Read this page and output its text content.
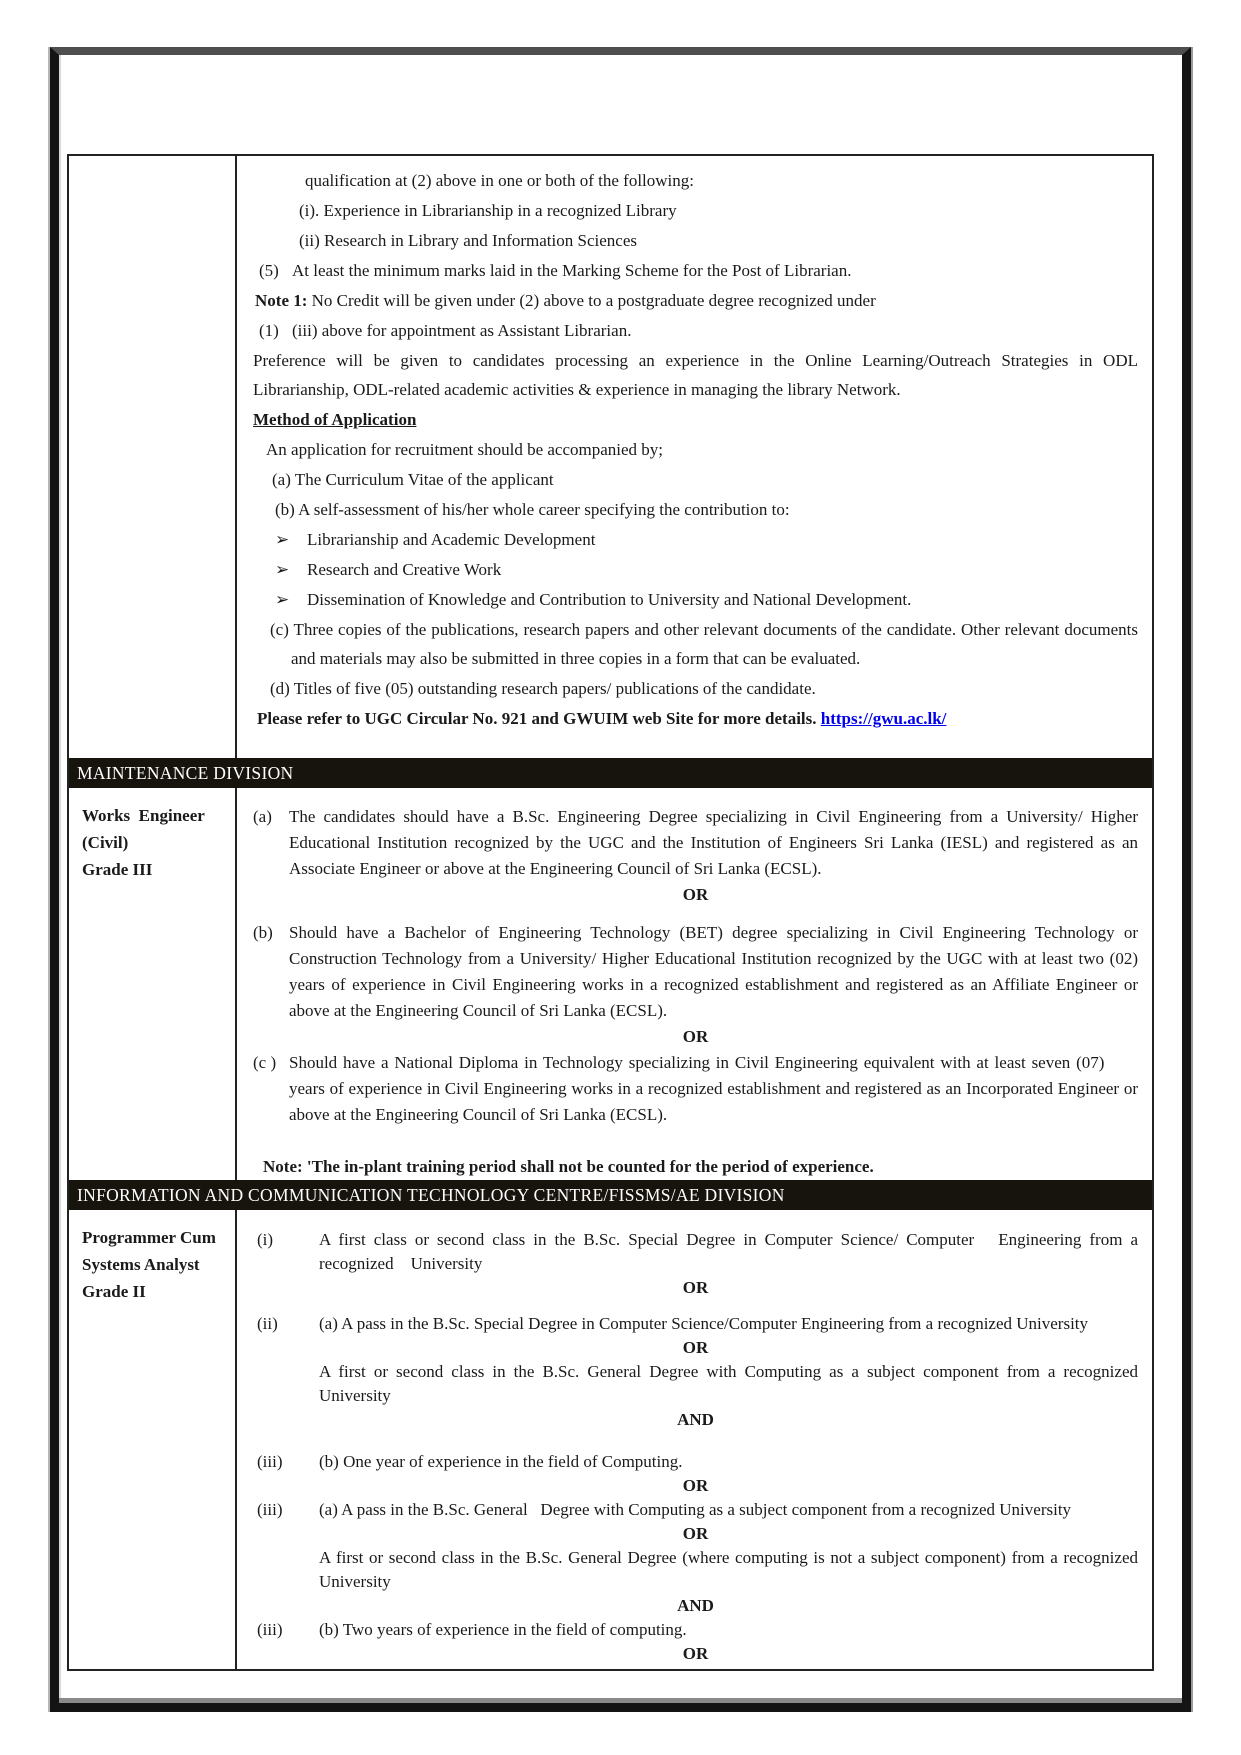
qualification at (2) above in one or both of the following:

(i). Experience in Librarianship in a recognized Library

(ii) Research in Library and Information Sciences

(5) At least the minimum marks laid in the Marking Scheme for the Post of Librarian.

Note 1: No Credit will be given under (2) above to a postgraduate degree recognized under

(1) (iii) above for appointment as Assistant Librarian.

Preference will be given to candidates processing an experience in the Online Learning/Outreach Strategies in ODL Librarianship, ODL-related academic activities & experience in managing the library Network.

Method of Application

An application for recruitment should be accompanied by;

(a) The Curriculum Vitae of the applicant

(b) A self-assessment of his/her whole career specifying the contribution to:

➢	Librarianship and Academic Development

➢	Research and Creative Work

➢	Dissemination of Knowledge and Contribution to University and National Development.

(c) Three copies of the publications, research papers and other relevant documents of the candidate. Other relevant documents and materials may also be submitted in three copies in a form that can be evaluated.

(d) Titles of five (05) outstanding research papers/ publications of the candidate.

Please refer to UGC Circular No. 921 and GWUIM web Site for more details. https://gwu.ac.lk/

MAINTENANCE DIVISION

Works  Engineer

(Civil)

Grade III

(a)	The candidates should have a B.Sc. Engineering Degree specializing in Civil Engineering from a University/ Higher Educational Institution recognized by the UGC and the Institution of Engineers Sri Lanka (IESL) and registered as an Associate Engineer or above at the Engineering Council of Sri Lanka (ECSL).

OR

(b) Should have a Bachelor of Engineering Technology (BET) degree specializing in Civil Engineering Technology or Construction Technology from a University/ Higher Educational Institution recognized by the UGC with at least two (02) years of experience in Civil Engineering works in a recognized establishment and registered as an Affiliate Engineer or above at the Engineering Council of Sri Lanka (ECSL).

OR

(c ) Should have a National Diploma in Technology specializing in Civil Engineering equivalent with at least seven (07)       years of experience in Civil Engineering works in a recognized establishment and registered as an Incorporated Engineer or above at the Engineering Council of Sri Lanka (ECSL).

Note: 'The in-plant training period shall not be counted for the period of experience.

INFORMATION AND COMMUNICATION TECHNOLOGY CENTRE/FISSMS/AE DIVISION

Programmer Cum

Systems Analyst

Grade II

(i)	A first class or second class in the B.Sc. Special Degree in Computer Science/ Computer   Engineering from a recognized    University

OR

(ii)	(a) A pass in the B.Sc. Special Degree in Computer Science/Computer Engineering from a recognized University

OR

A first or second class in the B.Sc. General Degree with Computing as a subject component from a recognized University

AND

(iii)	(b) One year of experience in the field of Computing.

OR

(iii)	(a) A pass in the B.Sc. General   Degree with Computing as a subject component from a recognized University

OR

A first or second class in the B.Sc. General Degree (where computing is not a subject component) from a recognized University

AND

(iii)	(b) Two years of experience in the field of computing.

OR
